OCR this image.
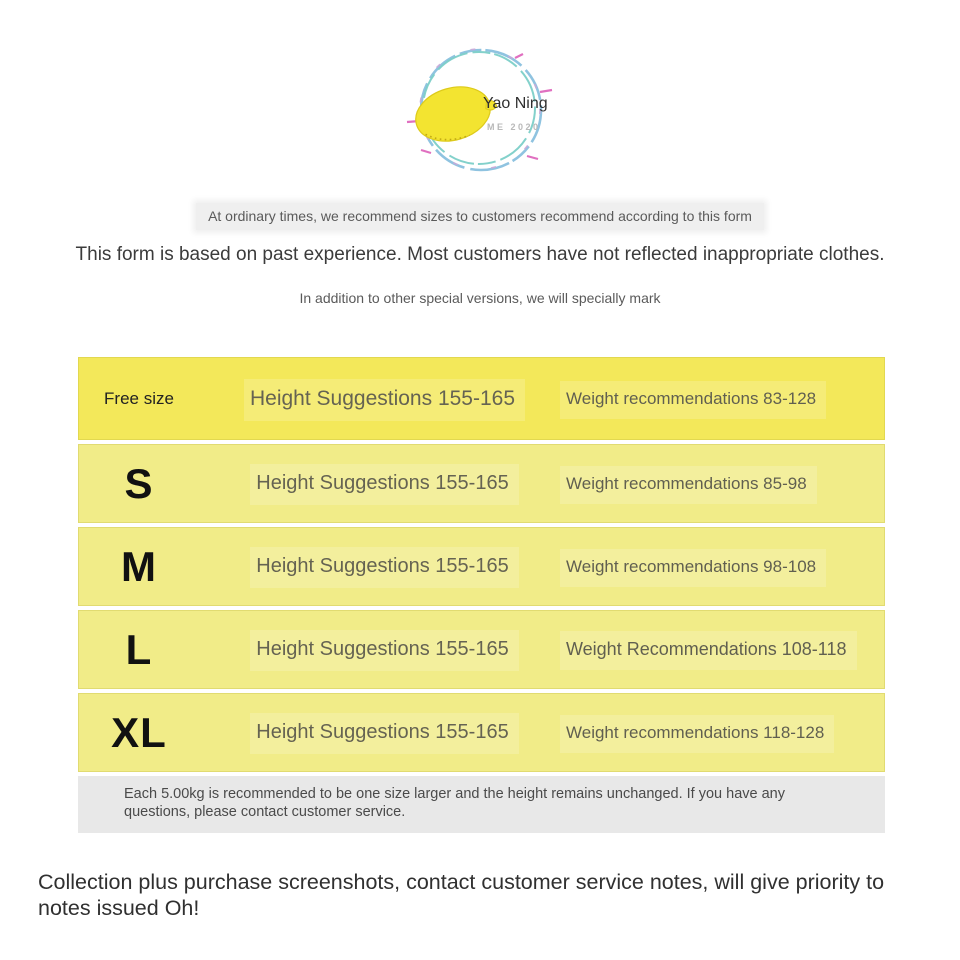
Yao Ning
ME 2020
At ordinary times, we recommend sizes to customers recommend according to this form
This form is based on past experience. Most customers have not reflected inappropriate clothes.
In addition to other special versions, we will specially mark
Free size	Height Suggestions 155-165	Weight recommendations 83-128
S	Height Suggestions 155-165	Weight recommendations 85-98
M	Height Suggestions 155-165	Weight recommendations 98-108
L	Height Suggestions 155-165	Weight Recommendations 108-118
XL	Height Suggestions 155-165	Weight recommendations 118-128
Each 5.00kg is recommended to be one size larger and the height remains unchanged. If you have any questions, please contact customer service.
Collection plus purchase screenshots, contact customer service notes, will give priority to notes issued Oh!
